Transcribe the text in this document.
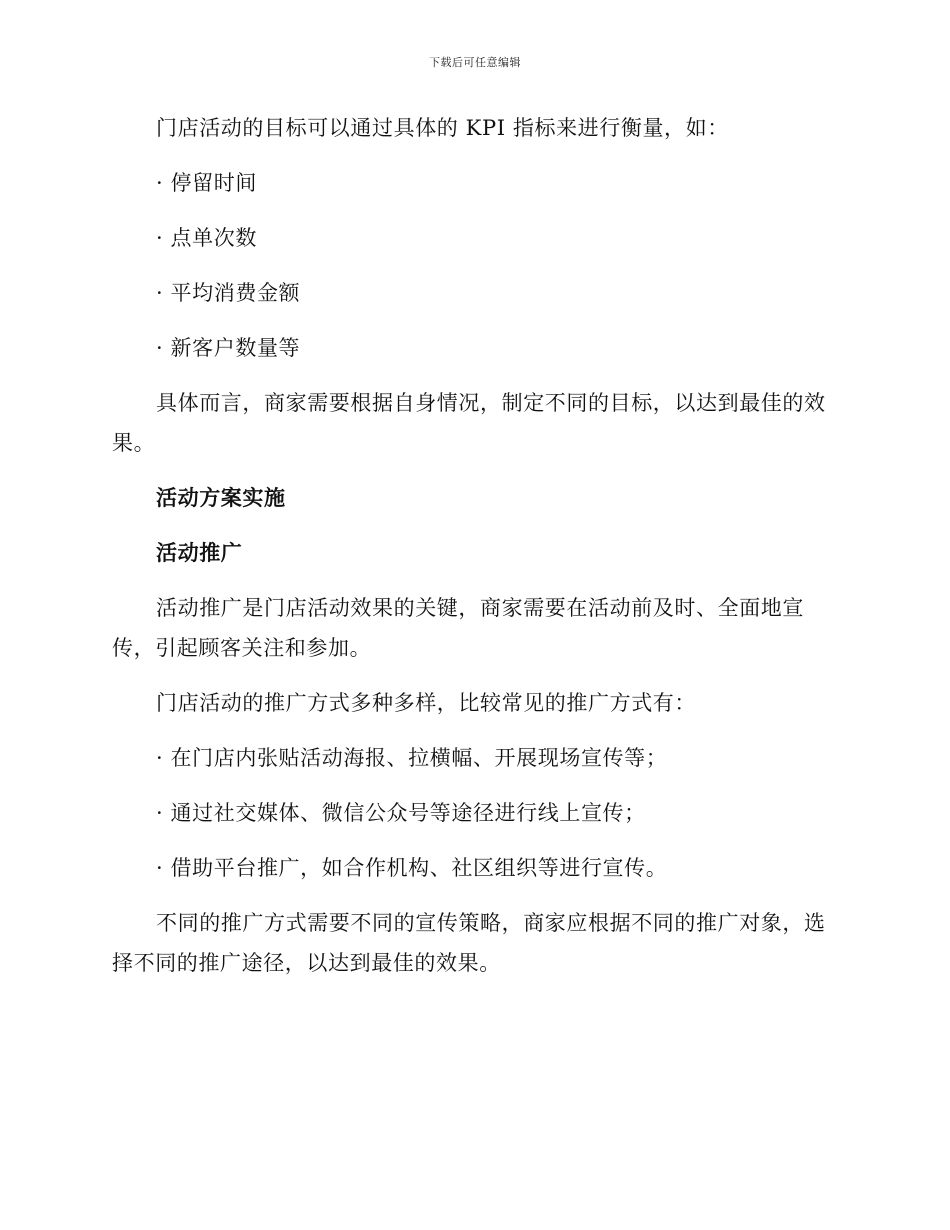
下载后可任意编辑

门店活动的目标可以通过具体的 KPI 指标来进行衡量，如：

· 停留时间

· 点单次数

· 平均消费金额

· 新客户数量等

具体而言，商家需要根据自身情况，制定不同的目标，以达到最佳的效果。

活动方案实施

活动推广

活动推广是门店活动效果的关键，商家需要在活动前及时、全面地宣传，引起顾客关注和参加。

门店活动的推广方式多种多样，比较常见的推广方式有：

· 在门店内张贴活动海报、拉横幅、开展现场宣传等；

· 通过社交媒体、微信公众号等途径进行线上宣传；

· 借助平台推广，如合作机构、社区组织等进行宣传。

不同的推广方式需要不同的宣传策略，商家应根据不同的推广对象，选择不同的推广途径，以达到最佳的效果。
